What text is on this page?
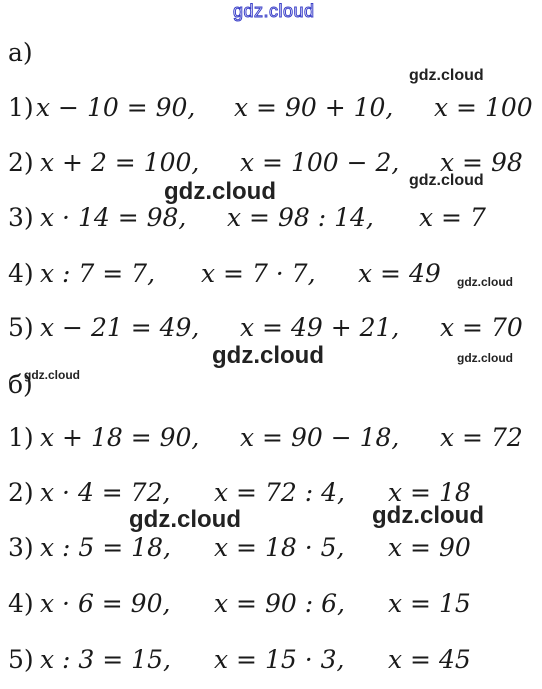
gdz.cloud
gdz.cloud
gdz.cloud	gdz.cloud
gdz.cloud
gdz.cloud	gdz.cloud
gdz.cloud
gdz.cloud	gdz.cloud
а)
1) x − 10 = 90, x = 90 + 10, x = 100
2) x + 2 = 100, x = 100 − 2, x = 98
3) x · 14 = 98, x = 98 : 14, x = 7
4) x : 7 = 7, x = 7 · 7, x = 49
5) x − 21 = 49, x = 49 + 21, x = 70
б)
1) x + 18 = 90, x = 90 − 18, x = 72
2) x · 4 = 72, x = 72 : 4, x = 18
3) x : 5 = 18, x = 18 · 5, x = 90
4) x · 6 = 90, x = 90 : 6, x = 15
5) x : 3 = 15, x = 15 · 3, x = 45
